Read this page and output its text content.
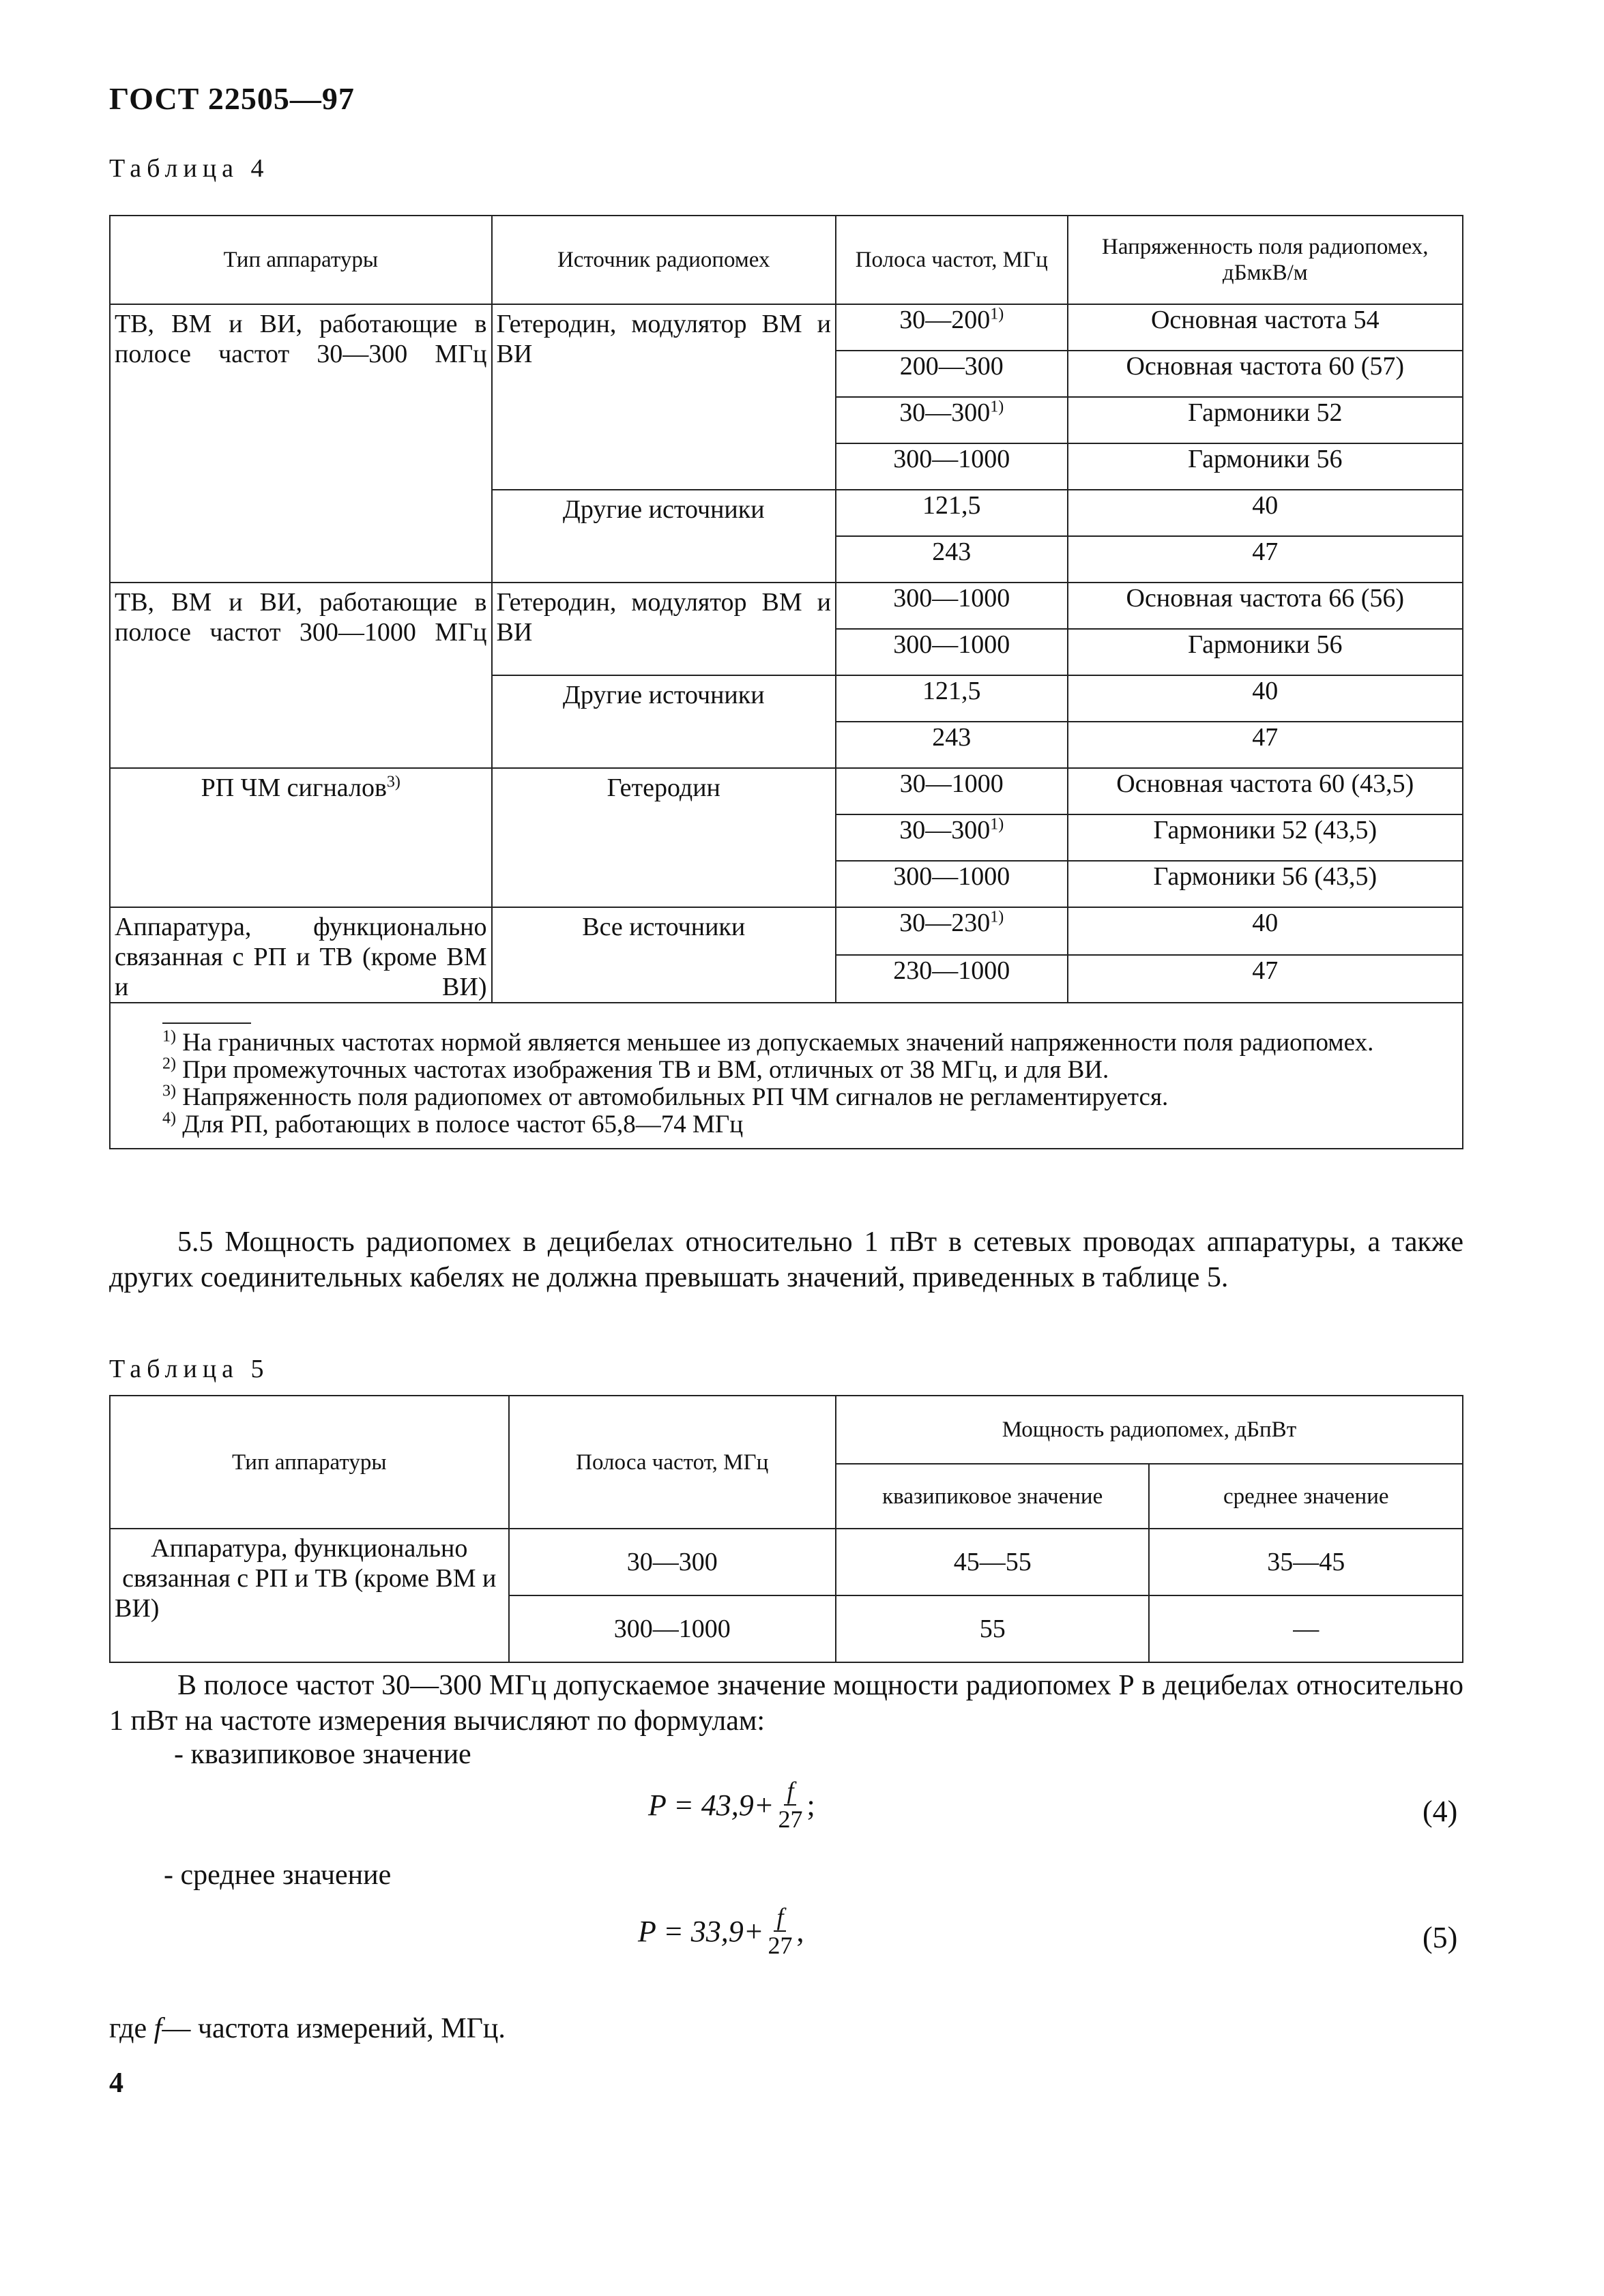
ГОСТ 22505—97
Таблица 4
Тип аппаратуры	Источник радиопомех	Полоса частот, МГц	Напряженность поля радиопомех, дБмкВ/м
ТВ, ВМ и ВИ, работающие в полосе частот 30—300 МГц	Гетеродин, модулятор ВМ и ВИ	30—200$^{1)}$	Основная частота 54
		200—300	Основная частота 60 (57)
		30—300$^{1)}$	Гармоники 52
		300—1000	Гармоники 56
	Другие источники	121,5	40
		243	47
ТВ, ВМ и ВИ, работающие в полосе частот 300—1000 МГц	Гетеродин, модулятор ВМ и ВИ	300—1000	Основная частота 66 (56)
		300—1000	Гармоники 56
	Другие источники	121,5	40
		243	47
РП ЧМ сигналов$^{3)}$	Гетеродин	30—1000	Основная частота 60 (43,5)
		30—300$^{1)}$	Гармоники 52 (43,5)
		300—1000	Гармоники 56 (43,5)
Аппаратура, функционально связанная с РП и ТВ (кроме ВМ и ВИ)	Все источники	30—230$^{1)}$	40
		230—1000	47

$^{1)}$ На граничных частотах нормой является меньшее из допускаемых значений напряженности поля радиопомех.
$^{2)}$ При промежуточных частотах изображения ТВ и ВМ, отличных от 38 МГц, и для ВИ.
$^{3)}$ Напряженность поля радиопомех от автомобильных РП ЧМ сигналов не регламентируется.
$^{4)}$ Для РП, работающих в полосе частот 65,8—74 МГц			
5.5 Мощность радиопомех в децибелах относительно 1 пВт в сетевых проводах аппаратуры, а также других соединительных кабелях не должна превышать значений, приведенных в таблице 5.
Таблица 5
Тип аппаратуры	Полоса частот, МГц	Мощность радиопомех, дБпВт	
		квазипиковое значение	среднее значение
Аппаратура, функционально связанная с РП и ТВ (кроме ВМ и ВИ)	30—300	45—55	35—45
	300—1000	55	—
В полосе частот 30—300 МГц допускаемое значение мощности радиопомех Р в децибелах относительно 1 пВт на частоте измерения вычисляют по формулам:
- квазипиковое значение
$P = 43,9+ \frac{f}{27}$ ;	(4)
- среднее значение
$P = 33,9+ \frac{f}{27}$ ,	(5)
где f— частота измерений, МГц.
4
